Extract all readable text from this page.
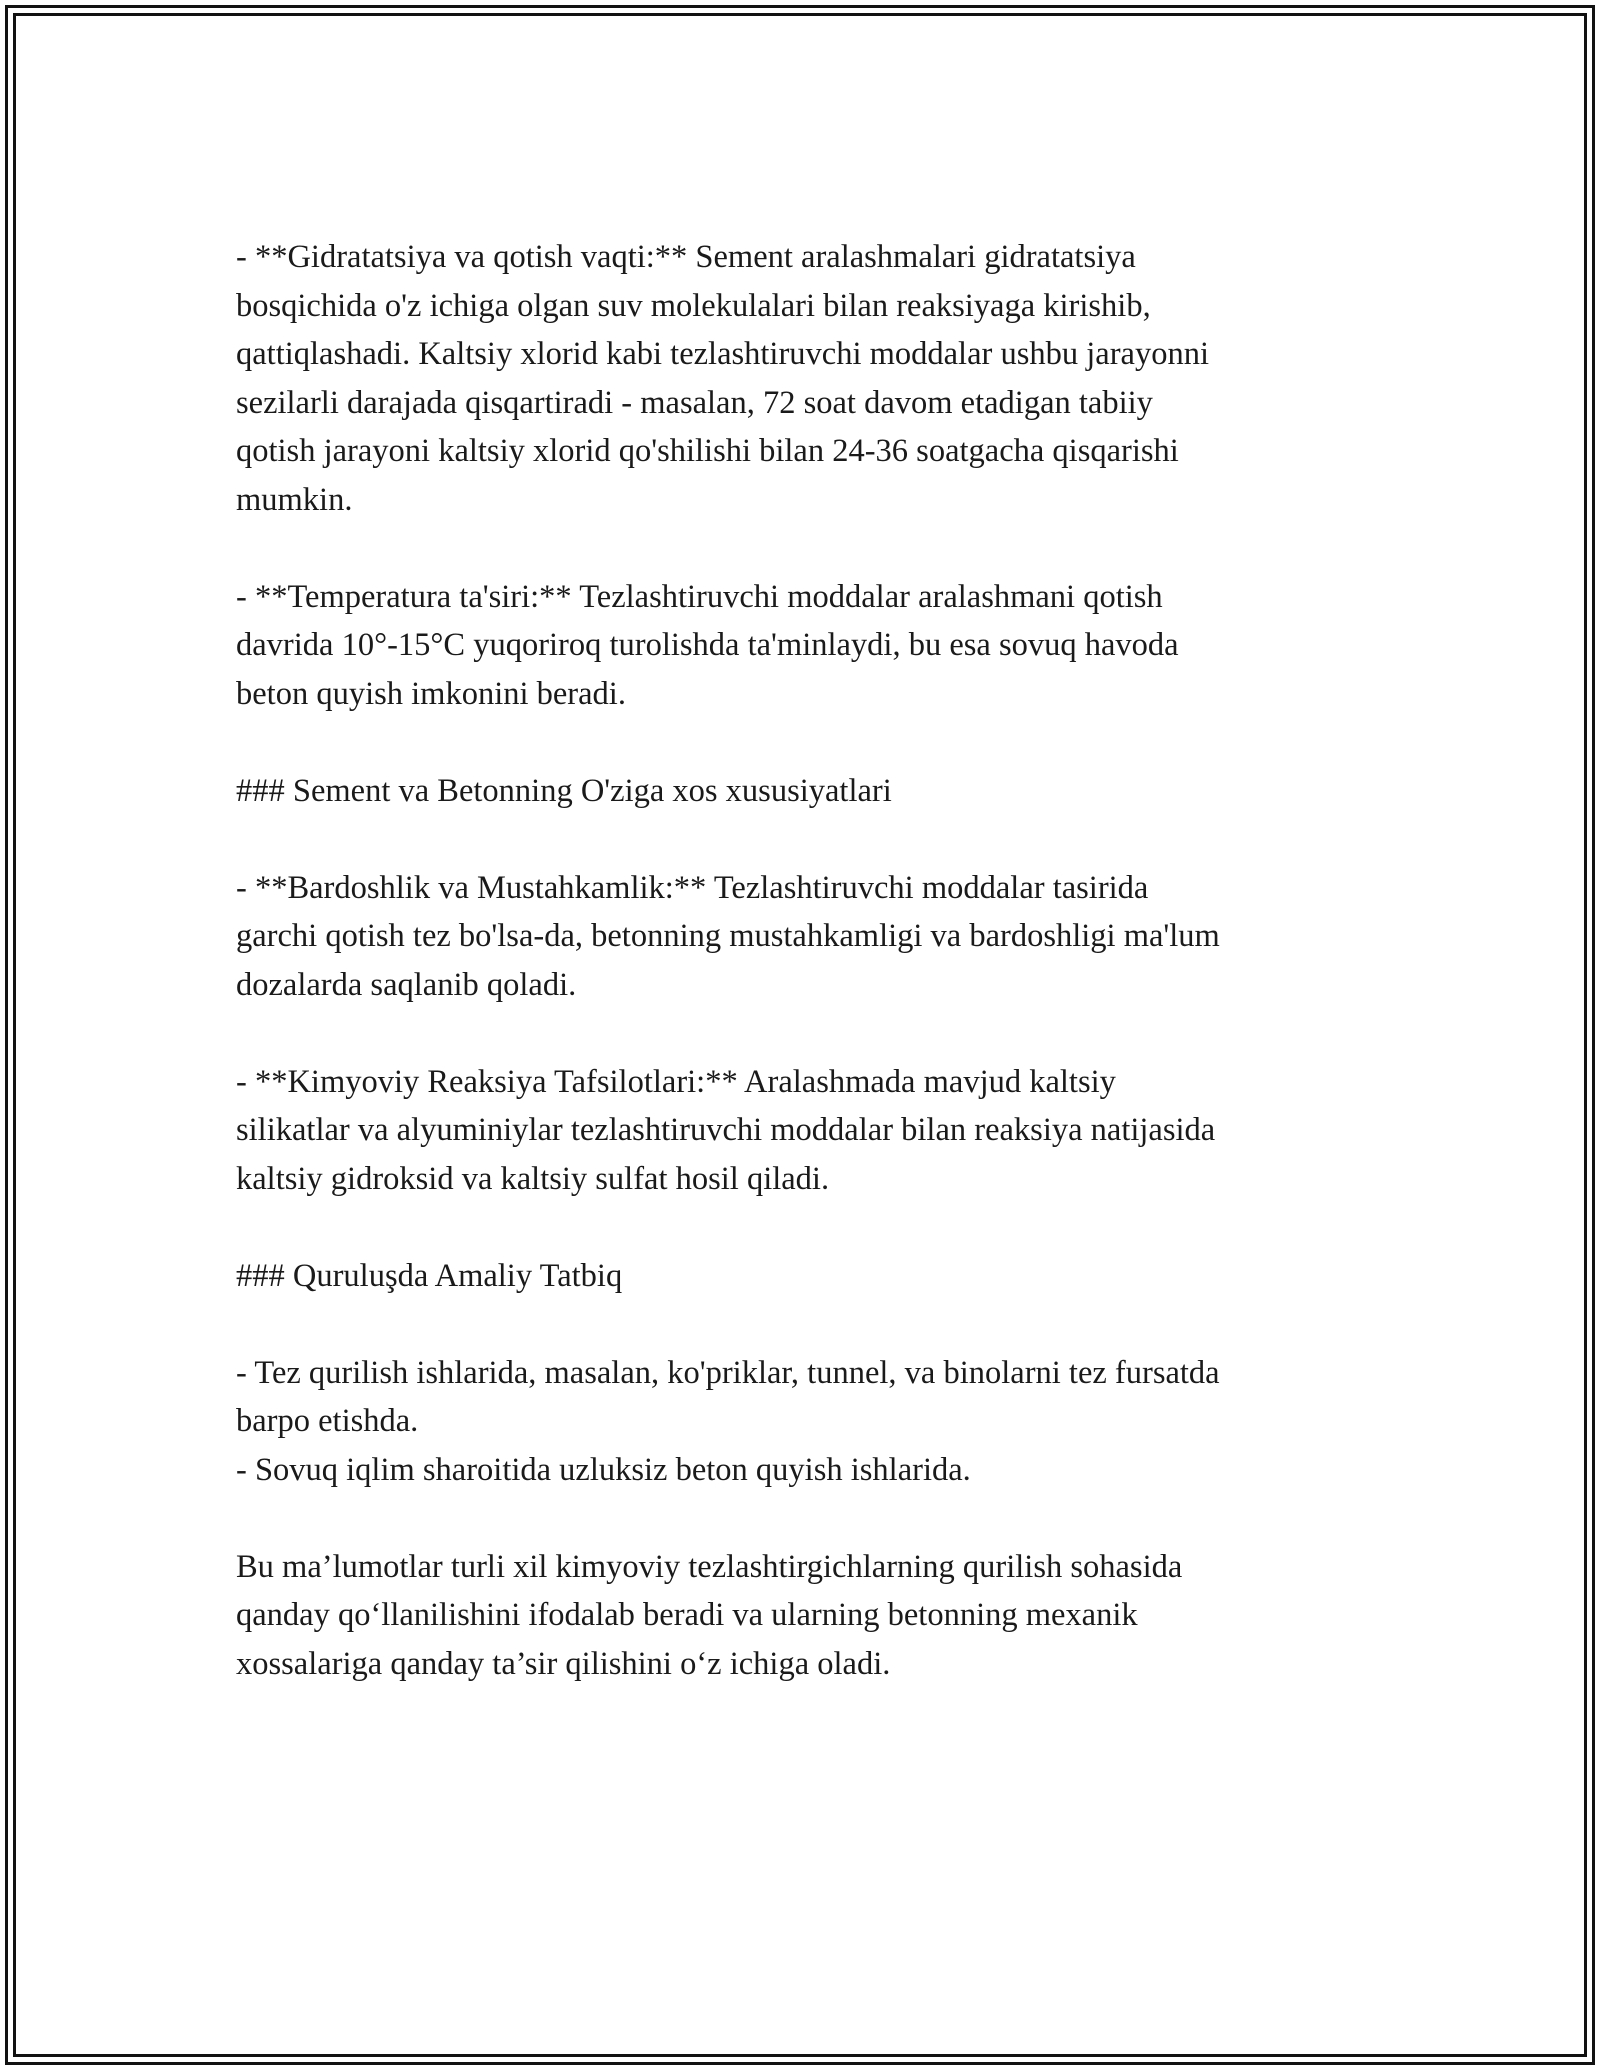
- **Gidratatsiya va qotish vaqti:** Sement aralashmalari gidratatsiya
bosqichida o'z ichiga olgan suv molekulalari bilan reaksiyaga kirishib,
qattiqlashadi. Kaltsiy xlorid kabi tezlashtiruvchi moddalar ushbu jarayonni
sezilarli darajada qisqartiradi - masalan, 72 soat davom etadigan tabiiy
qotish jarayoni kaltsiy xlorid qo'shilishi bilan 24-36 soatgacha qisqarishi
mumkin.
- **Temperatura ta'siri:** Tezlashtiruvchi moddalar aralashmani qotish
davrida 10°-15°C yuqoriroq turolishda ta'minlaydi, bu esa sovuq havoda
beton quyish imkonini beradi.
### Sement va Betonning O'ziga xos xususiyatlari
- **Bardoshlik va Mustahkamlik:** Tezlashtiruvchi moddalar tasirida
garchi qotish tez bo'lsa-da, betonning mustahkamligi va bardoshligi ma'lum
dozalarda saqlanib qoladi.
- **Kimyoviy Reaksiya Tafsilotlari:** Aralashmada mavjud kaltsiy
silikatlar va alyuminiylar tezlashtiruvchi moddalar bilan reaksiya natijasida
kaltsiy gidroksid va kaltsiy sulfat hosil qiladi.
### Quruluşda Amaliy Tatbiq
- Tez qurilish ishlarida, masalan, ko'priklar, tunnel, va binolarni tez fursatda
barpo etishda.
- Sovuq iqlim sharoitida uzluksiz beton quyish ishlarida.
Bu ma’lumotlar turli xil kimyoviy tezlashtirgichlarning qurilish sohasida
qanday qo‘llanilishini ifodalab beradi va ularning betonning mexanik
xossalariga qanday ta’sir qilishini o‘z ichiga oladi.
